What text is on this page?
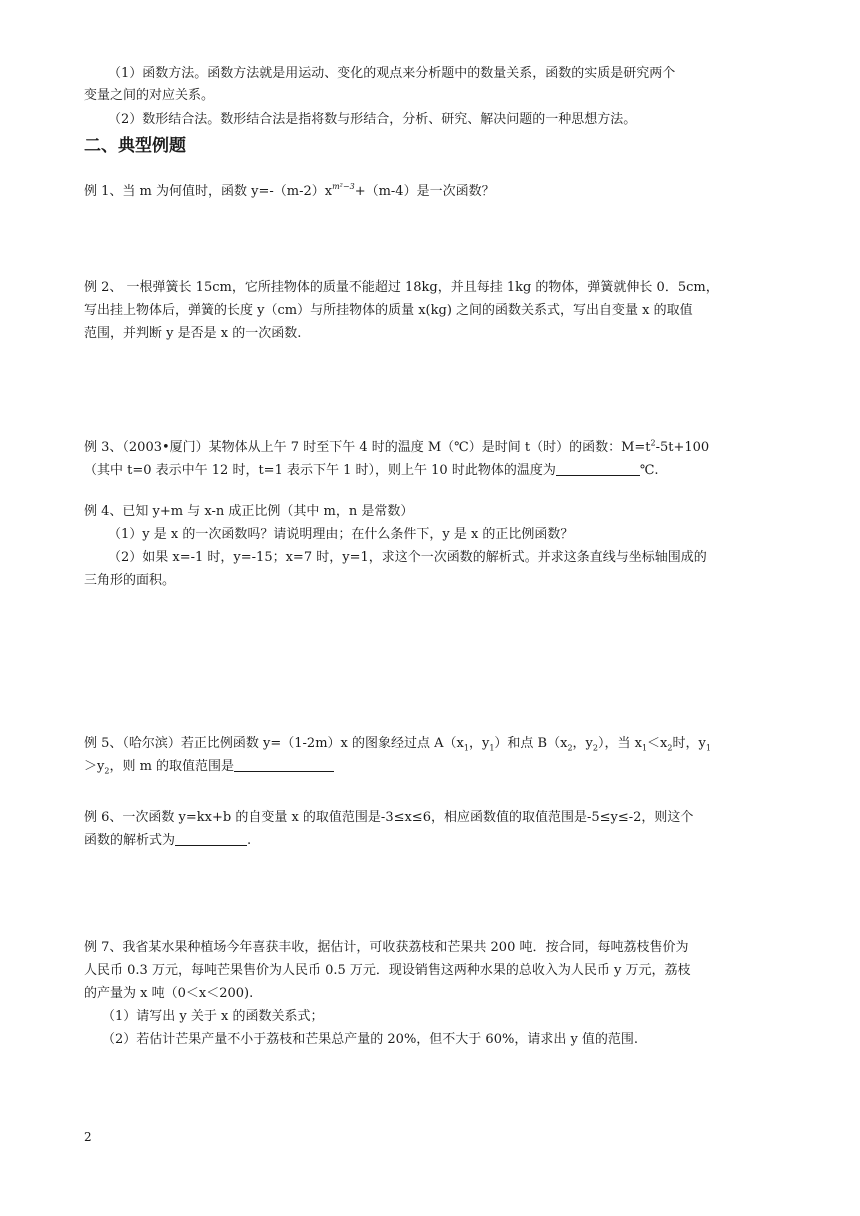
（1）函数方法。函数方法就是用运动、变化的观点来分析题中的数量关系，函数的实质是研究两个
变量之间的对应关系。
（2）数形结合法。数形结合法是指将数与形结合，分析、研究、解决问题的一种思想方法。
二、典型例题
例 1、当 m 为何值时，函数 $y=-(m-2)x^{m^2-3}+(m-4)$是一次函数？
例 2、 一根弹簧长 15cm，它所挂物体的质量不能超过 18kg，并且每挂 1kg 的物体，弹簧就伸长 0．5cm，
写出挂上物体后，弹簧的长度 y（cm）与所挂物体的质量 x(kg) 之间的函数关系式，写出自变量 x 的取值
范围，并判断 y 是否是 x 的一次函数.
例 3、（2003•厦门）某物体从上午 7 时至下午 4 时的温度 M（℃）是时间 t（时）的函数：$M=t^2-5t+100$
（其中 t=0 表示中午 12 时，t=1 表示下午 1 时），则上午 10 时此物体的温度为	℃.
例 4、已知 y+m 与 x-n 成正比例（其中 m，n 是常数）
（1）y 是 x 的一次函数吗？请说明理由；在什么条件下，y 是 x 的正比例函数？
（2）如果 x=-1 时，y=-15；x=7 时，y=1，求这个一次函数的解析式。并求这条直线与坐标轴围成的
三角形的面积。
例 5、（哈尔滨）若正比例函数 y=（1-2m）x 的图象经过点 $A(x_1$，$y_1$）和点 $B(x_2$，$y_2$），当 $x_1<x_2$时，$y_1$
$>y_2$，则 m 的取值范围是
例 6、一次函数 y=kx+b 的自变量 x 的取值范围是-3≤x≤6，相应函数值的取值范围是-5≤y≤-2，则这个
函数的解析式为	.
例 7、我省某水果种植场今年喜获丰收，据估计，可收获荔枝和芒果共 200 吨．按合同，每吨荔枝售价为
人民币 0.3 万元，每吨芒果售价为人民币 0.5 万元．现设销售这两种水果的总收入为人民币 y 万元，荔枝
的产量为 x 吨（0＜x＜200).
（1）请写出 y 关于 x 的函数关系式；
（2）若估计芒果产量不小于荔枝和芒果总产量的 20%，但不大于 60%，请求出 y 值的范围.
2
